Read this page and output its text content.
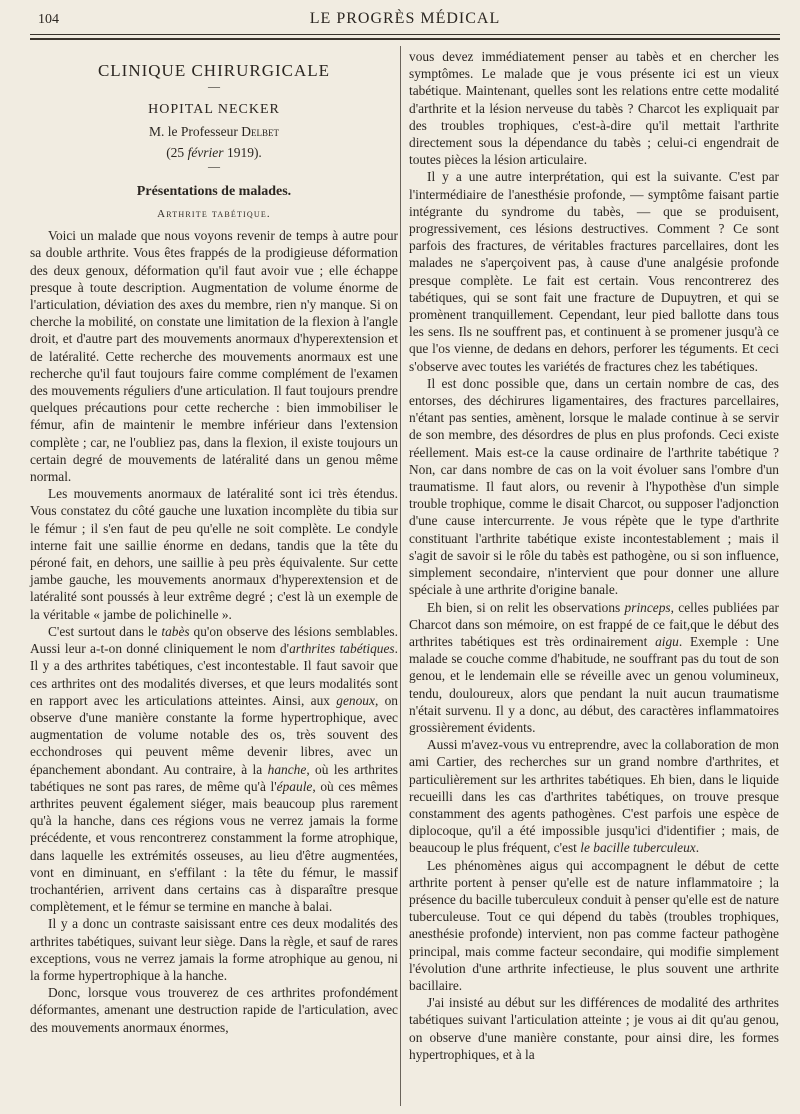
104	LE PROGRÈS MÉDICAL
CLINIQUE CHIRURGICALE
—
HOPITAL NECKER
M. le Professeur Delbet
(25 février 1919).
—
Présentations de malades.
Arthrite tabétique.

Voici un malade que nous voyons revenir de temps à autre pour sa double arthrite. Vous êtes frappés de la prodigieuse déformation des deux genoux, déformation qu'il faut avoir vue ; elle échappe presque à toute description. Augmentation de volume énorme de l'articulation, déviation des axes du membre, rien n'y manque. Si on cherche la mobilité, on constate une limitation de la flexion à l'angle droit, et d'autre part des mouvements anormaux d'hyperextension et de latéralité. Cette recherche des mouvements anormaux est une recherche qu'il faut toujours faire comme complément de l'examen des mouvements réguliers d'une articulation. Il faut toujours prendre quelques précautions pour cette recherche : bien immobiliser le fémur, afin de maintenir le membre inférieur dans l'extension complète ; car, ne l'oubliez pas, dans la flexion, il existe toujours un certain degré de mouvements de latéralité dans un genou même normal.

Les mouvements anormaux de latéralité sont ici très étendus. Vous constatez du côté gauche une luxation incomplète du tibia sur le fémur ; il s'en faut de peu qu'elle ne soit complète. Le condyle interne fait une saillie énorme en dedans, tandis que la tête du péroné fait, en dehors, une saillie à peu près équivalente. Sur cette jambe gauche, les mouvements anormaux d'hyperextension et de latéralité sont poussés à leur extrême degré ; c'est là un exemple de la véritable « jambe de polichinelle ».

C'est surtout dans le tabès qu'on observe des lésions semblables. Aussi leur a-t-on donné cliniquement le nom d'arthrites tabétiques. Il y a des arthrites tabétiques, c'est incontestable. Il faut savoir que ces arthrites ont des modalités diverses, et que leurs modalités sont en rapport avec les articulations atteintes. Ainsi, aux genoux, on observe d'une manière constante la forme hypertrophique, avec augmentation de volume notable des os, très souvent des ecchondroses qui peuvent même devenir libres, avec un épanchement abondant. Au contraire, à la hanche, où les arthrites tabétiques ne sont pas rares, de même qu'à l'épaule, où ces mêmes arthrites peuvent également siéger, mais beaucoup plus rarement qu'à la hanche, dans ces régions vous ne verrez jamais la forme précédente, et vous rencontrerez constamment la forme atrophique, dans laquelle les extrémités osseuses, au lieu d'être augmentées, vont en diminuant, en s'effilant : la tête du fémur, le massif trochantérien, arrivent dans certains cas à disparaître presque complètement, et le fémur se termine en manche à balai.

Il y a donc un contraste saisissant entre ces deux modalités des arthrites tabétiques, suivant leur siège. Dans la règle, et sauf de rares exceptions, vous ne verrez jamais la forme atrophique au genou, ni la forme hypertrophique à la hanche.

Donc, lorsque vous trouverez de ces arthrites profondément déformantes, amenant une destruction rapide de l'articulation, avec des mouvements anormaux énormes,

vous devez immédiatement penser au tabès et en chercher les symptômes. Le malade que je vous présente ici est un vieux tabétique. Maintenant, quelles sont les relations entre cette modalité d'arthrite et la lésion nerveuse du tabès ? Charcot les expliquait par des troubles trophiques, c'est-à-dire qu'il mettait l'arthrite directement sous la dépendance du tabès ; celui-ci engendrait de toutes pièces la lésion articulaire.

Il y a une autre interprétation, qui est la suivante. C'est par l'intermédiaire de l'anesthésie profonde, — symptôme faisant partie intégrante du syndrome du tabès, — que se produisent, progressivement, ces lésions destructives. Comment ? Ce sont parfois des fractures, de véritables fractures parcellaires, dont les malades ne s'aperçoivent pas, à cause d'une analgésie profonde presque complète. Le fait est certain. Vous rencontrerez des tabétiques, qui se sont fait une fracture de Dupuytren, et qui se promènent tranquillement. Cependant, leur pied ballotte dans tous les sens. Ils ne souffrent pas, et continuent à se promener jusqu'à ce que l'os vienne, de dedans en dehors, perforer les téguments. Et ceci s'observe avec toutes les variétés de fractures chez les tabétiques.

Il est donc possible que, dans un certain nombre de cas, des entorses, des déchirures ligamentaires, des fractures parcellaires, n'étant pas senties, amènent, lorsque le malade continue à se servir de son membre, des désordres de plus en plus profonds. Ceci existe réellement. Mais est-ce la cause ordinaire de l'arthrite tabétique ? Non, car dans nombre de cas on la voit évoluer sans l'ombre d'un traumatisme. Il faut alors, ou revenir à l'hypothèse d'un simple trouble trophique, comme le disait Charcot, ou supposer l'adjonction d'une cause intercurrente. Je vous répète que le type d'arthrite constituant l'arthrite tabétique existe incontestablement ; mais il s'agit de savoir si le rôle du tabès est pathogène, ou si son influence, simplement secondaire, n'intervient que pour donner une allure spéciale à une arthrite d'origine banale.

Eh bien, si on relit les observations princeps, celles publiées par Charcot dans son mémoire, on est frappé de ce fait,que le début des arthrites tabétiques est très ordinairement aigu. Exemple : Une malade se couche comme d'habitude, ne souffrant pas du tout de son genou, et le lendemain elle se réveille avec un genou volumineux, tendu, douloureux, alors que pendant la nuit aucun traumatisme n'était survenu. Il y a donc, au début, des caractères inflammatoires grossièrement évidents.

Aussi m'avez-vous vu entreprendre, avec la collaboration de mon ami Cartier, des recherches sur un grand nombre d'arthrites, et particulièrement sur les arthrites tabétiques. Eh bien, dans le liquide recueilli dans les cas d'arthrites tabétiques, on trouve presque constamment des agents pathogènes. C'est parfois une espèce de diplocoque, qu'il a été impossible jusqu'ici d'identifier ; mais, de beaucoup le plus fréquent, c'est le bacille tuberculeux.

Les phénomènes aigus qui accompagnent le début de cette arthrite portent à penser qu'elle est de nature inflammatoire ; la présence du bacille tuberculeux conduit à penser qu'elle est de nature tuberculeuse. Tout ce qui dépend du tabès (troubles trophiques, anesthésie profonde) intervient, non pas comme facteur pathogène principal, mais comme facteur secondaire, qui modifie simplement l'évolution d'une arthrite infectieuse, le plus souvent une arthrite bacillaire.

J'ai insisté au début sur les différences de modalité des arthrites tabétiques suivant l'articulation atteinte ; je vous ai dit qu'au genou, on observe d'une manière constante, pour ainsi dire, les formes hypertrophiques, et à la
